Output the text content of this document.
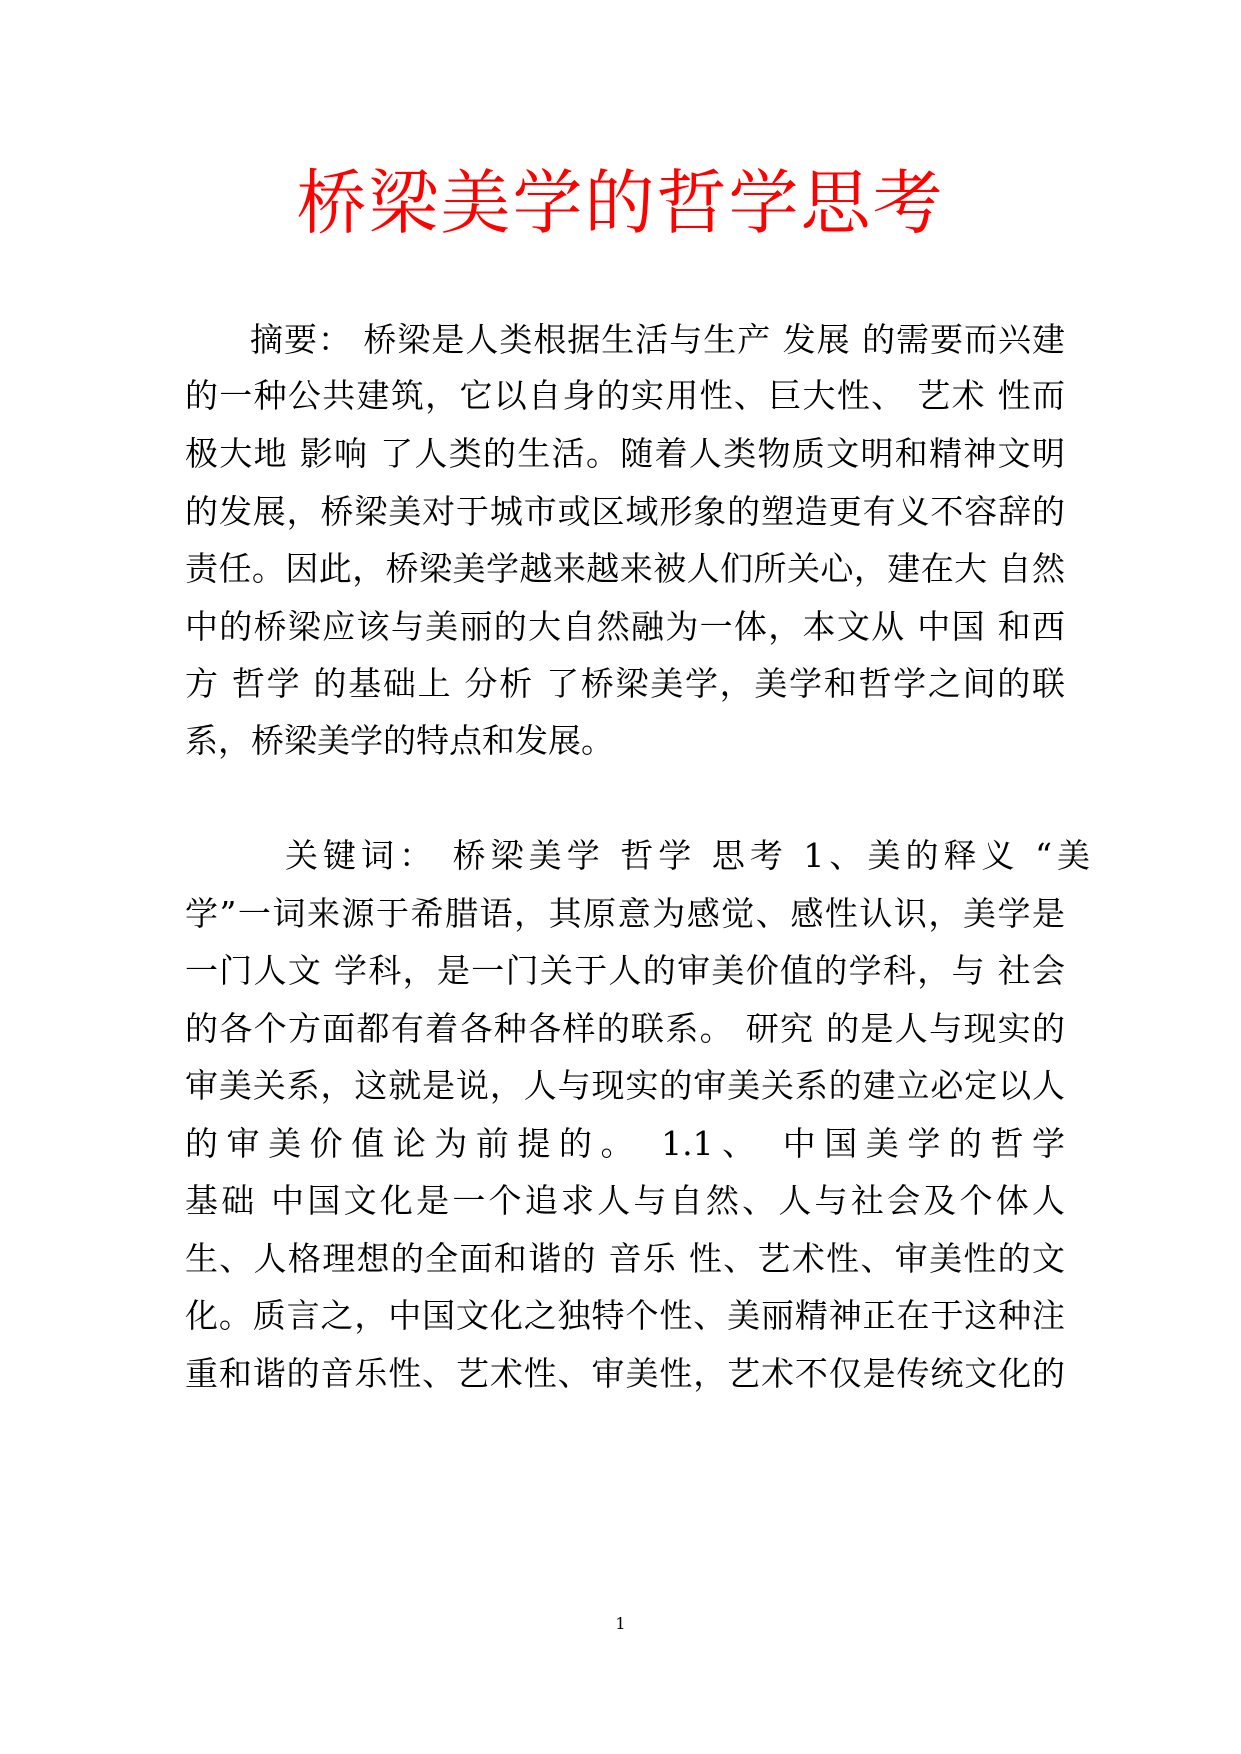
桥梁美学的哲学思考
摘要： 桥梁是人类根据生活与生产 发展 的需要而兴建
的一种公共建筑，它以自身的实用性、巨大性、 艺术 性而
极大地 影响 了人类的生活。随着人类物质文明和精神文明
的发展，桥梁美对于城市或区域形象的塑造更有义不容辞的
责任。因此，桥梁美学越来越来被人们所关心，建在大 自然
中的桥梁应该与美丽的大自然融为一体，本文从 中国 和西
方 哲学 的基础上 分析 了桥梁美学，美学和哲学之间的联
系，桥梁美学的特点和发展。
关键词： 桥梁美学 哲学 思考 1、美的释义 “美
学”一词来源于希腊语，其原意为感觉、感性认识，美学是
一门人文 学科，是一门关于人的审美价值的学科，与 社会
的各个方面都有着各种各样的联系。 研究 的是人与现实的
审美关系，这就是说，人与现实的审美关系的建立必定以人
的审美价值论为前提的。 1.1、 中国美学的哲学
基础 中国文化是一个追求人与自然、人与社会及个体人
生、人格理想的全面和谐的 音乐 性、艺术性、审美性的文
化。质言之，中国文化之独特个性、美丽精神正在于这种注
重和谐的音乐性、艺术性、审美性，艺术不仅是传统文化的
1
